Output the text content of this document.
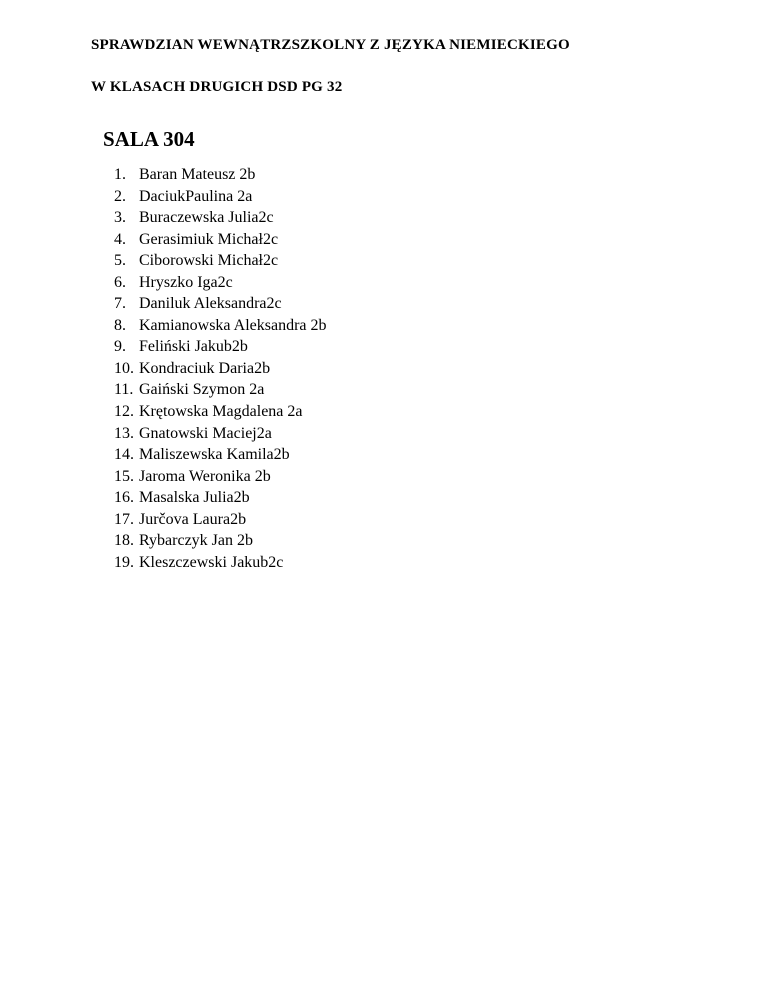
SPRAWDZIAN WEWNĄTRZSZKOLNY Z JĘZYKA NIEMIECKIEGO
W KLASACH DRUGICH DSD PG 32
SALA 304
1. Baran Mateusz 2b
2. DaciukPaulina 2a
3. Buraczewska Julia2c
4. Gerasimiuk Michał2c
5. Ciborowski Michał2c
6. Hryszko Iga2c
7. Daniluk Aleksandra2c
8. Kamianowska Aleksandra 2b
9. Feliński Jakub2b
10. Kondraciuk Daria2b
11. Gaiński Szymon 2a
12. Krętowska Magdalena 2a
13. Gnatowski Maciej2a
14. Maliszewska Kamila2b
15. Jaroma Weronika 2b
16. Masalska Julia2b
17. Jurčova Laura2b
18. Rybarczyk Jan 2b
19. Kleszczewski Jakub2c
